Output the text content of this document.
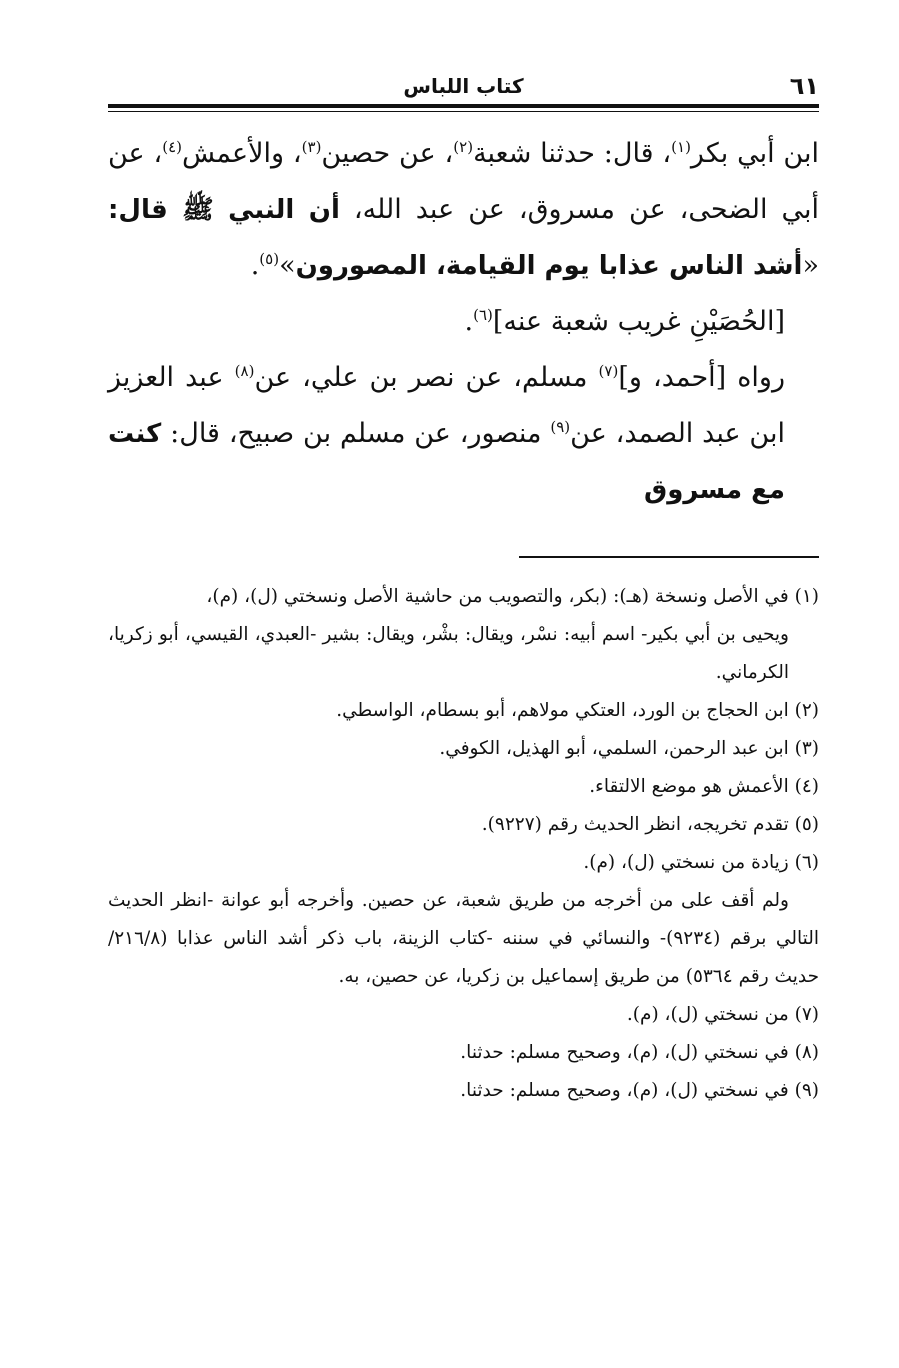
٦١
كتاب اللباس

ابن أبي بكر$^{(١)}$، قال: حدثنا شعبة$^{(٢)}$، عن حصين$^{(٣)}$، والأعمش$^{(٤)}$، عن أبي الضحى، عن مسروق، عن عبد الله، أن النبي ﷺ قال: «أشد الناس عذابا يوم القيامة، المصورون»$^{(٥)}$.

[الحُصَيْنِ غريب شعبة عنه]$^{(٦)}$.

رواه [أحمد، و]$^{(٧)}$ مسلم، عن نصر بن علي، عن$^{(٨)}$ عبد العزيز ابن عبد الصمد، عن$^{(٩)}$ منصور، عن مسلم بن صبيح، قال: كنت مع مسروق

(١) في الأصل ونسخة (هـ): (بكر، والتصويب من حاشية الأصل ونسختي (ل)، (م)،

ويحيى بن أبي بكير- اسم أبيه: نسْر، ويقال: بشْر، ويقال: بشير -العبدي، القيسي، أبو زكريا، الكرماني.

(٢) ابن الحجاج بن الورد، العتكي مولاهم، أبو بسطام، الواسطي.

(٣) ابن عبد الرحمن، السلمي، أبو الهذيل، الكوفي.

(٤) الأعمش هو موضع الالتقاء.

(٥) تقدم تخريجه، انظر الحديث رقم (٩٢٢٧).

(٦) زيادة من نسختي (ل)، (م).

ولم أقف على من أخرجه من طريق شعبة، عن حصين. وأخرجه أبو عوانة -انظر الحديث التالي برقم (٩٢٣٤)- والنسائي في سننه -كتاب الزينة، باب ذكر أشد الناس عذابا (٢١٦/٨/ حديث رقم ٥٣٦٤) من طريق إسماعيل بن زكريا، عن حصين، به.

(٧) من نسختي (ل)، (م).

(٨) في نسختي (ل)، (م)، وصحيح مسلم: حدثنا.

(٩) في نسختي (ل)، (م)، وصحيح مسلم: حدثنا.
